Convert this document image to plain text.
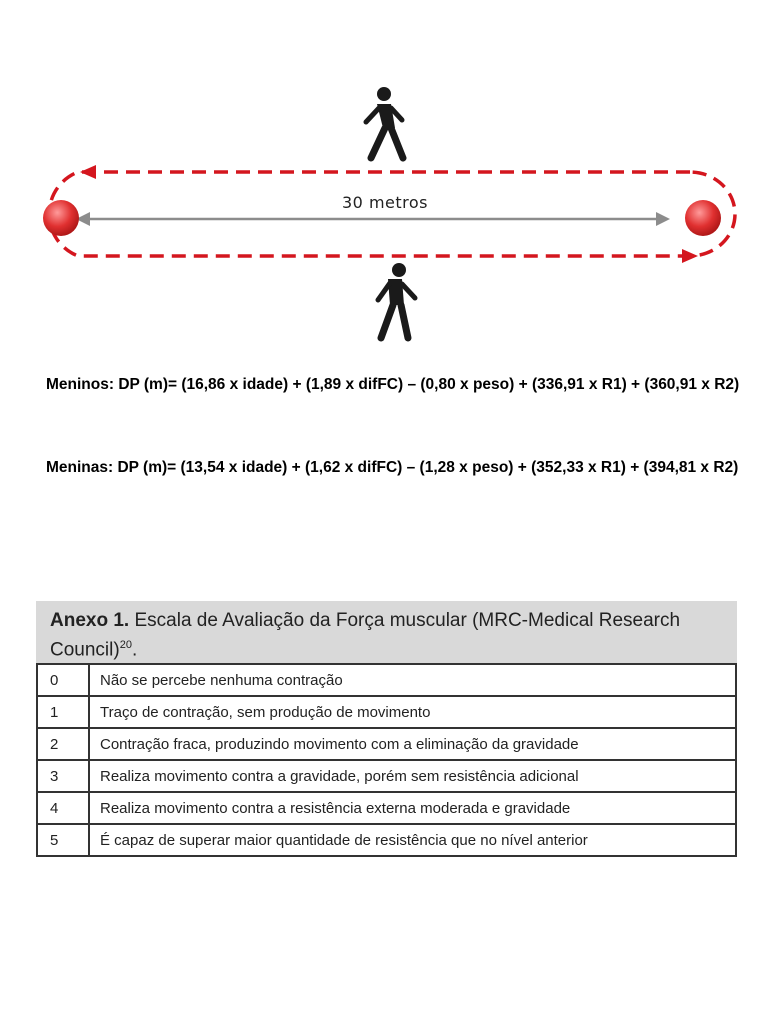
30 metros
Meninos: DP (m)= (16,86 x idade) + (1,89 x difFC) – (0,80 x peso) + (336,91 x R1) + (360,91 x R2)
Meninas: DP (m)= (13,54 x idade) + (1,62 x difFC) – (1,28 x peso) + (352,33 x R1) + (394,81 x R2)
Anexo 1. Escala de Avaliação da Força muscular (MRC-Medical Research Council)$^{20}$.
0	Não se percebe nenhuma contração
1	Traço de contração, sem produção de movimento
2	Contração fraca, produzindo movimento com a eliminação da gravidade
3	Realiza movimento contra a gravidade, porém sem resistência adicional
4	Realiza movimento contra a resistência externa moderada e gravidade
5	É capaz de superar maior quantidade de resistência que no nível anterior
